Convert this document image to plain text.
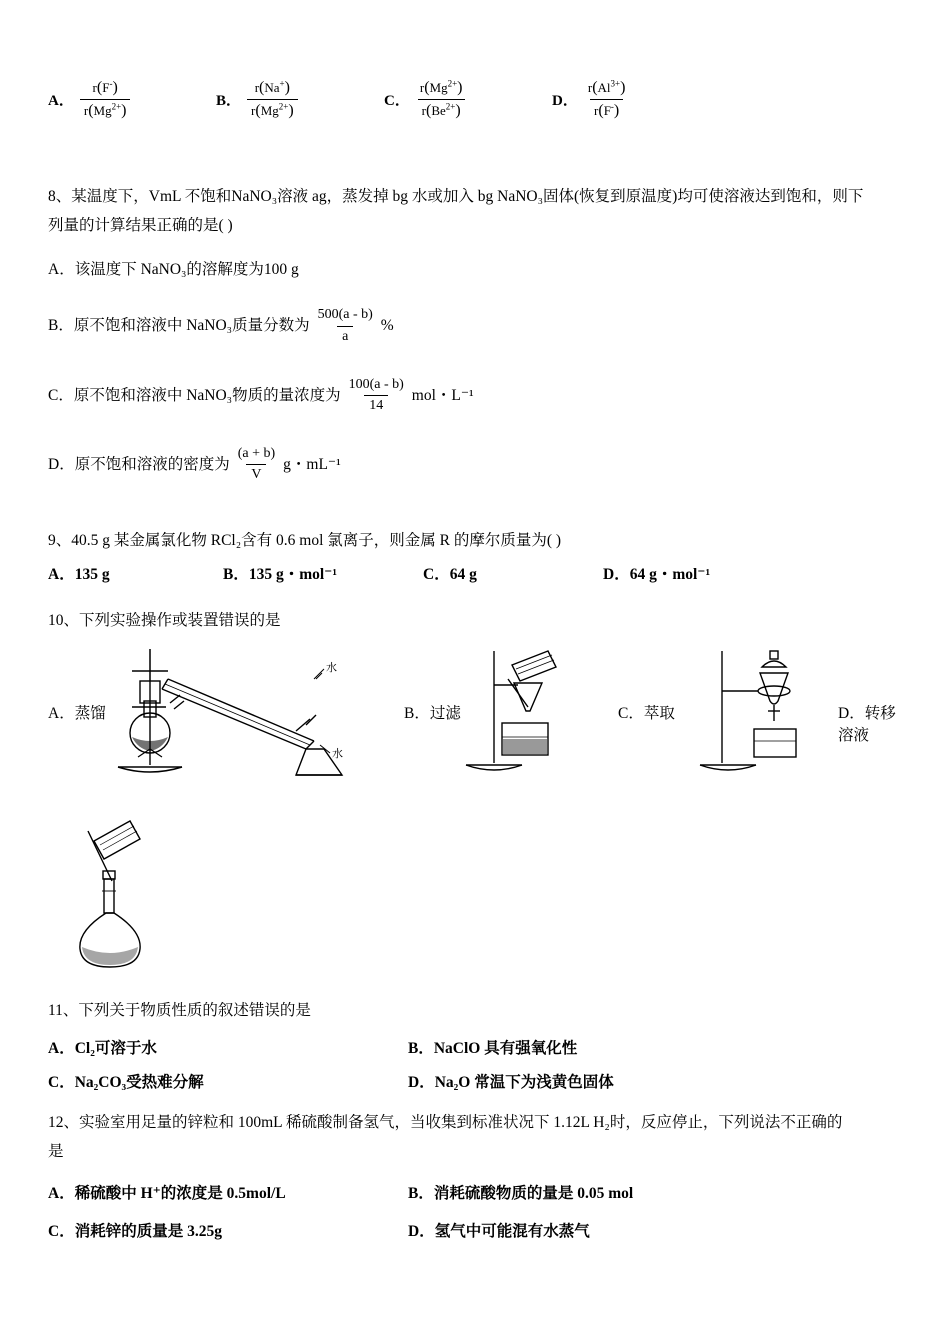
A． $\frac{r(F^-)}{r(Mg^{2+})}$	B． $\frac{r(Na^+)}{r(Mg^{2+})}$	C． $\frac{r(Mg^{2+})}{r(Be^{2+})}$	D． $\frac{r(Al^{3+})}{r(F^-)}$
8、某温度下，VmL 不饱和NaNO₃溶液 ag，蒸发掉 bg 水或加入 bg NaNO₃固体(恢复到原温度)均可使溶液达到饱和，则下
列量的计算结果正确的是( )
A．该温度下 NaNO₃的溶解度为100 g
B．原不饱和溶液中 NaNO₃质量分数为 $\frac{500(a - b)}{a}$ %
C．原不饱和溶液中 NaNO₃物质的量浓度为 $\frac{100(a - b)}{14}$ mol・L⁻¹
D．原不饱和溶液的密度为 $\frac{(a + b)}{V}$ g・mL⁻¹
9、40.5 g 某金属氯化物 RCl₂含有 0.6 mol 氯离子，则金属 R 的摩尔质量为( )
A．135 g	B．135 g・mol⁻¹	C．64 g	D．64 g・mol⁻¹
10、下列实验操作或装置错误的是
A．蒸馏
水
水
B．过滤	C．萃取	D．转移溶液
11、下列关于物质性质的叙述错误的是
A．Cl₂可溶于水	B．NaClO 具有强氧化性
C．Na₂CO₃受热难分解	D．Na₂O 常温下为浅黄色固体
12、实验室用足量的锌粒和 100mL 稀硫酸制备氢气，当收集到标准状况下 1.12L H₂时，反应停止，下列说法不正确的
是
A．稀硫酸中 H⁺的浓度是 0.5mol/L	B．消耗硫酸物质的量是 0.05 mol
C．消耗锌的质量是 3.25g	D．氢气中可能混有水蒸气
